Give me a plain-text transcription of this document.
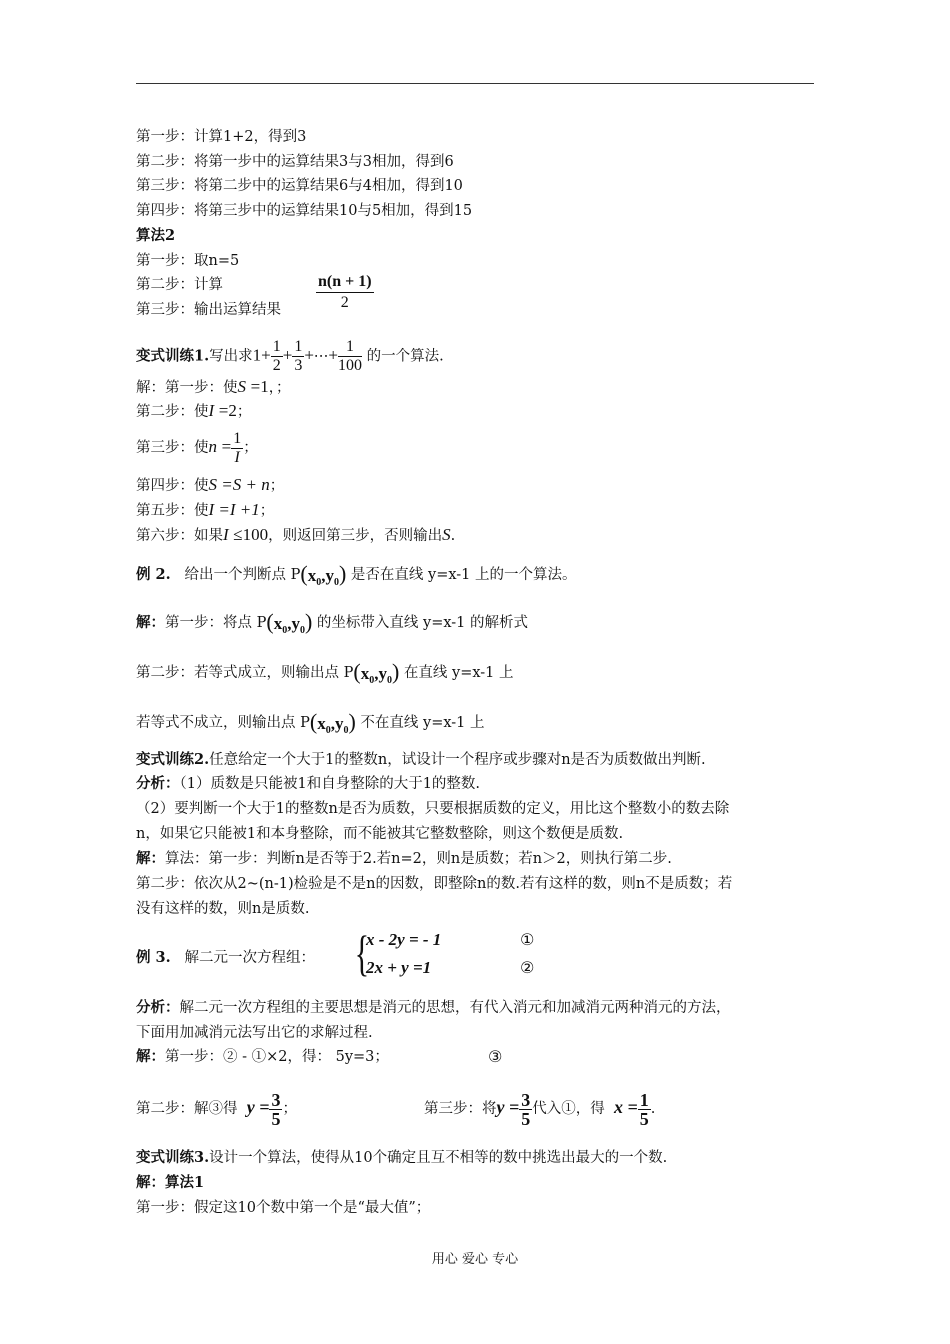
第一步：计算1+2，得到3
第二步：将第一步中的运算结果3与3相加，得到6
第三步：将第二步中的运算结果6与4相加，得到10
第四步：将第三步中的运算结果10与5相加，得到15
算法2
第一步：取n=5
第二步：计算	$\frac{n(n + 1)}{2}$
第三步：输出运算结果
变式训练1.写出求$1+ \frac{1}{2} + \frac{1}{3}$ +⋯+ $\frac{1}{100}$ 的一个算法.
解：第一步：使S =1，；
第二步：使I =2；
第三步：使$n = \frac{1}{I}$ ；
第四步：使S =S + n；
第五步：使I =I +1；
第六步：如果I ≤100，则返回第三步，否则输出S.
例 2. 给出一个判断点 $P(x_0,y_0)$ 是否在直线 y=x-1 上的一个算法。
解：第一步：将点 $P(x_0,y_0)$ 的坐标带入直线 y=x-1 的解析式
第二步：若等式成立，则输出点 $P(x_0,y_0)$ 在直线 y=x-1 上
若等式不成立，则输出点 $P(x_0,y_0)$ 不在直线 y=x-1 上
变式训练2.任意给定一个大于1的整数n，试设计一个程序或步骤对n是否为质数做出判断.
分析：（1）质数是只能被1和自身整除的大于1的整数.
（2）要判断一个大于1的整数n是否为质数，只要根据质数的定义，用比这个整数小的数去除
n，如果它只能被1和本身整除，而不能被其它整数整除，则这个数便是质数.
解：算法：第一步：判断n是否等于2.若n=2，则n是质数；若n＞2，则执行第二步.
第二步：依次从2~(n-1)检验是不是n的因数，即整除n的数.若有这样的数，则n不是质数；若
没有这样的数，则n是质数.
例 3. 解二元一次方程组： {
x - 2y = - 1
2x + y =1
①
②
分析：解二元一次方程组的主要思想是消元的思想，有代入消元和加减消元两种消元的方法，
下面用加减消元法写出它的求解过程.
解：第一步：② - ①×2，得： 5y=3；	③
第二步：解③得 $y = \frac{3}{5}$ ；	第三步：将$y = \frac{3}{5}$ 代入①，得 $x = \frac{1}{5}$ .
变式训练3.设计一个算法，使得从10个确定且互不相等的数中挑选出最大的一个数.
解：算法1
第一步：假定这10个数中第一个是“最大值”；
用心 爱心 专心
